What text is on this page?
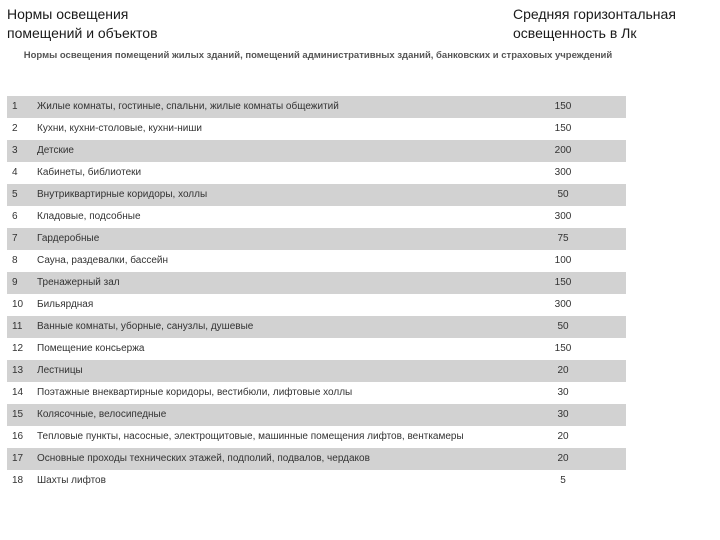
Нормы освещения
помещений и объектов
Средняя горизонтальная
освещенность в Лк
Нормы освещения помещений жилых зданий, помещений административных зданий, банковских и страховых учреждений
1 Жилые комнаты, гостиные, спальни, жилые комнаты общежитий	150
2 Кухни, кухни-столовые, кухни-ниши	150
3 Детские	200
4 Кабинеты, библиотеки	300
5 Внутриквартирные коридоры, холлы	50
6 Кладовые, подсобные	300
7 Гардеробные	75
8 Сауна, раздевалки, бассейн	100
9 Тренажерный зал	150
10 Бильярдная	300
11 Ванные комнаты, уборные, санузлы, душевые	50
12 Помещение консьержа	150
13 Лестницы	20
14 Поэтажные внеквартирные коридоры, вестибюли, лифтовые холлы	30
15 Колясочные, велосипедные	30
16 Тепловые пункты, насосные, электрощитовые, машинные помещения лифтов, венткамеры	20
17 Основные проходы технических этажей, подполий, подвалов, чердаков	20
18 Шахты лифтов	5
